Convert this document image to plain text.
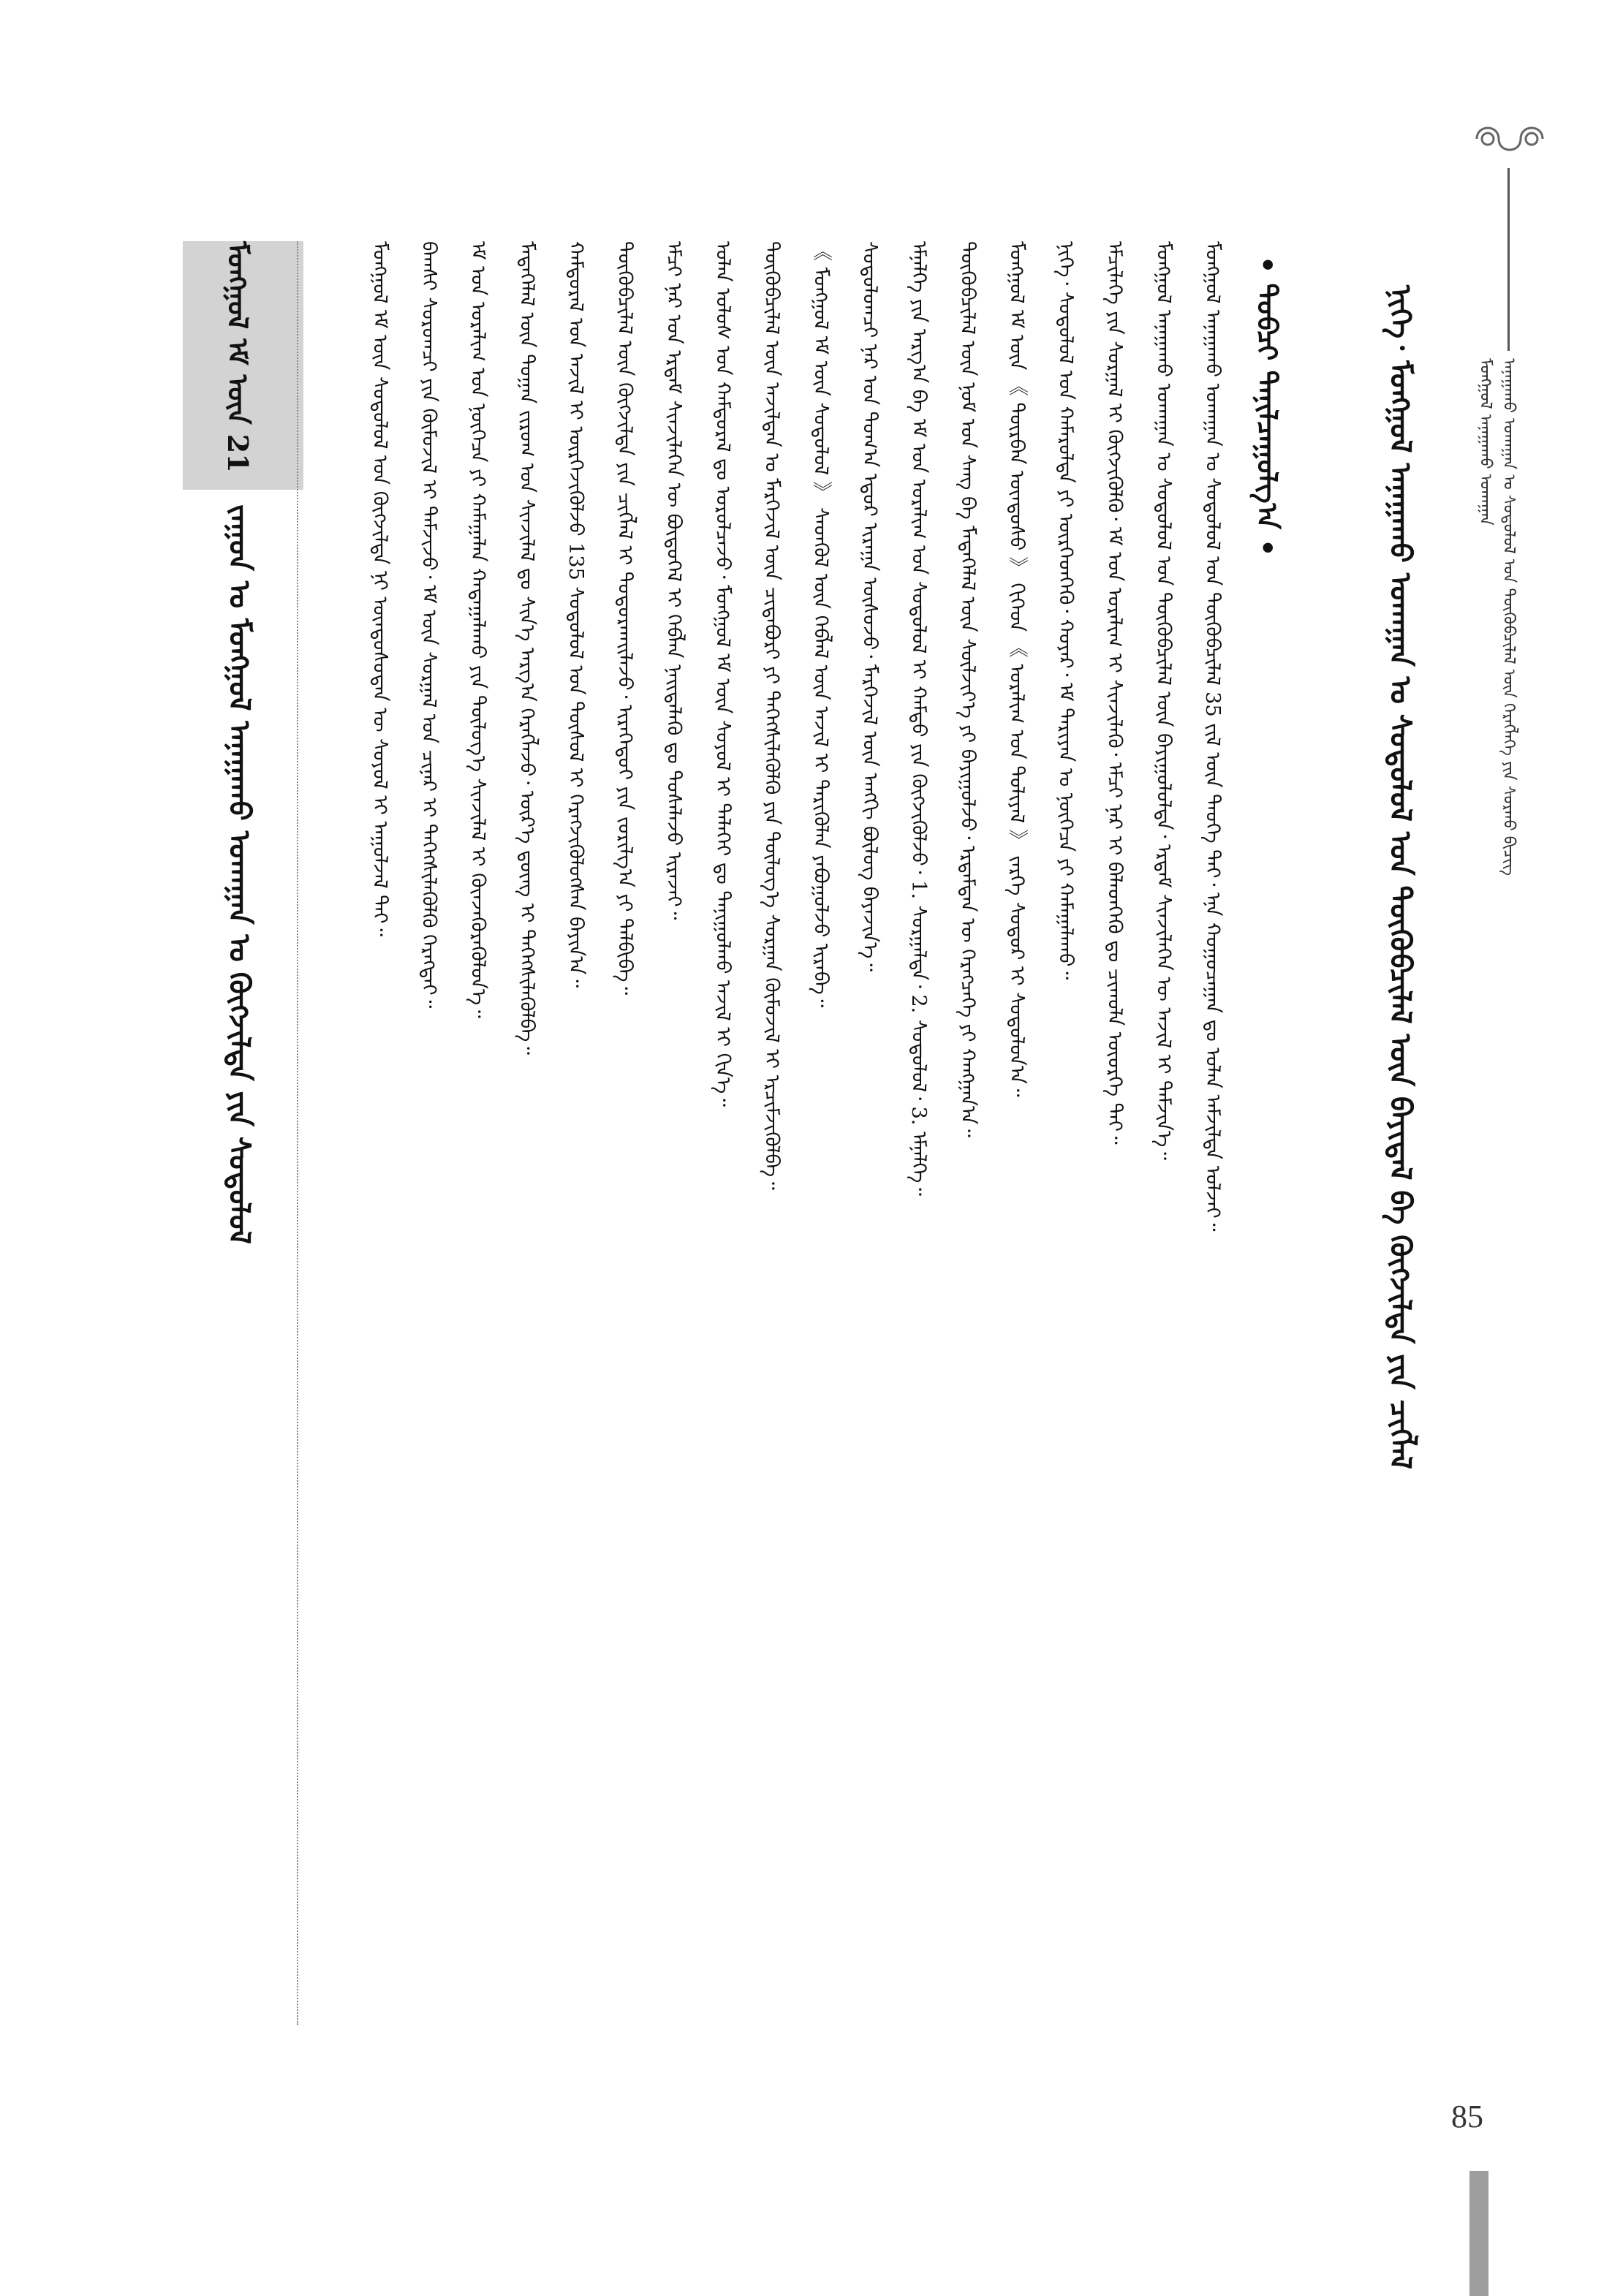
ᠠᠨᠠᠭᠠᠬᠤ ᠤᠬᠠᠭᠠᠨ ᠤ ᠰᠤᠳᠤᠯᠤᠯ ᠤᠨ ᠲᠦᠭᠦᠪᠴᠢᠯᠡᠯ ᠦᠨ ᠬᠡᠷᠡᠭᠯᠡᠭᠡ ᠶᠢᠨ ᠰᠤᠷᠬᠤ ᠪᠢᠴᠢᠭ
ᠮᠣᠩᠭᠣᠯ ᠠᠨᠠᠭᠠᠬᠤ ᠤᠬᠠᠭᠠᠨ
ᠨᠢᠭᠡ᠂ ᠮᠣᠩᠭᠣᠯ ᠠᠨᠠᠭᠠᠬᠤ ᠤᠬᠠᠭᠠᠨ ᠤ ᠰᠤᠳᠤᠯᠤᠯ ᠤᠨ ᠲᠦᠭᠦᠪᠴᠢᠯᠡᠯ ᠦᠨ ᠪᠠᠶᠢᠳᠠᠯ ᠪᠠ ᠬᠥᠭᠵᠢᠯᠲᠡ ᠶᠢᠨ ᠴᠢᠭᠯᠡᠯ
• ᠲᠣᠪᠴᠢ ᠲᠠᠨᠢᠯᠴᠠᠭᠤᠯᠭ᠎ᠠ •
ᠮᠣᠩᠭᠣᠯ ᠠᠨᠠᠭᠠᠬᠤ ᠤᠬᠠᠭᠠᠨ ᠤ ᠰᠤᠳᠤᠯᠤᠯ ᠤᠨ ᠲᠦᠭᠦᠪᠴᠢᠯᠡᠯ 35 ᠵᠢᠯ ᠦᠨ ᠲᠡᠦᠬᠡ ᠲᠠᠢ᠂ ᠡᠨᠡ ᠬᠤᠭᠤᠴᠠᠭᠠᠨ ᠳᠤ ᠤᠯᠠᠨ ᠠᠮᠵᠢᠯᠲᠠ ᠣᠯᠵᠠᠢ᠃
ᠮᠣᠩᠭᠣᠯ ᠠᠨᠠᠭᠠᠬᠤ ᠤᠬᠠᠭᠠᠨ ᠤ ᠰᠤᠳᠤᠯᠤᠯ ᠤᠨ ᠲᠦᠭᠦᠪᠴᠢᠯᠡᠯ ᠦᠨ ᠪᠠᠶᠢᠭᠤᠯᠤᠯᠲᠠ᠂ ᠡᠷᠳᠡᠮ ᠰᠢᠨᠵᠢᠯᠡᠭᠡᠨ ᠦ ᠠᠵᠢᠯ ᠢ ᠳᠡᠮᠵᠢᠨ᠎ᠡ᠃
ᠡᠮᠴᠢᠯᠡᠭᠡ ᠶᠢᠨ ᠰᠤᠷᠭᠠᠯ ᠢ ᠬᠥᠭᠵᠢᠭᠦᠯᠬᠦ᠂ ᠡᠮ ᠤᠨ ᠤᠷᠠᠯᠢᠭ ᠢ ᠰᠢᠨᠵᠢᠯᠡᠬᠦ᠂ ᠡᠮᠴᠢ ᠨᠠᠷ ᠢ ᠪᠡᠯᠡᠳᠬᠡᠬᠦ ᠳᠤ ᠴᠢᠬᠤᠯᠠ ᠦᠦᠷᠭᠡ ᠲᠠᠢ᠃
ᠨᠢᠭᠡ᠂ ᠰᠤᠳᠤᠯᠤᠯ ᠤᠨ ᠬᠠᠮᠠᠷᠤᠯᠲᠠ ᠶᠢ ᠥᠷᠭᠡᠳᠬᠡᠬᠦ᠂ ᠬᠤᠶᠠᠷ᠂ ᠡᠮ ᠲᠠᠷᠢᠶᠠᠨ ᠤ ᠨᠥᠭᠡᠴᠡ ᠶᠢ ᠬᠠᠮᠠᠭᠠᠯᠠᠬᠤ᠃
ᠮᠣᠩᠭᠣᠯ ᠡᠮ ᠦᠨ 《 ᠳᠥᠷᠪᠡᠨ ᠦᠨᠳᠦᠰᠦ 》 ᠬᠢᠭᠡᠳ 《 ᠤᠷᠠᠯᠢᠭ ᠤᠨ ᠳᠤᠯᠢᠶᠠᠯ 》 ᠵᠡᠷᠭᠡ ᠰᠤᠳᠤᠷ ᠢ ᠰᠤᠳᠤᠯᠤᠨ᠎ᠠ᠃
ᠲᠦᠭᠦᠪᠴᠢᠯᠡᠯ ᠦᠨ ᠨᠣᠮ ᠤᠨ ᠰᠠᠩ ᠪᠠ ᠮᠡᠳᠡᠭᠡᠯᠡᠯ ᠦᠨ ᠰᠦᠯᠵᠢᠶ᠎ᠡ ᠶᠢ ᠪᠠᠶᠢᠭᠤᠯᠵᠤ᠂ ᠡᠷᠳᠡᠮᠲᠡᠨ ᠦ ᠬᠡᠷᠡᠭᠴᠡᠭᠡ ᠶᠢ ᠬᠠᠩᠭᠠᠨ᠎ᠠ᠃
ᠡᠮᠨᠡᠯᠭᠡ ᠶᠢᠨ ᠠᠷᠭ᠎ᠠ ᠪᠠ ᠡᠮ ᠤᠨ ᠤᠷᠠᠯᠢᠭ ᠤᠨ ᠰᠤᠳᠤᠯᠤᠯ ᠢ ᠬᠠᠮᠲᠤ ᠶᠢᠨ ᠬᠥᠭᠵᠢᠭᠦᠯᠵᠦ᠂ 1. ᠰᠤᠷᠭᠠᠯᠲᠠ᠂ 2. ᠰᠤᠳᠤᠯᠤᠯ᠂ 3. ᠡᠮᠨᠡᠯᠭᠡ᠃
ᠰᠤᠳᠤᠯᠤᠭᠴᠢ ᠨᠠᠷ ᠤᠨ ᠲᠣᠭ᠎ᠠ ᠡᠳᠦᠷ ᠢᠷᠠᠭᠠ ᠥᠰᠦᠵᠦ᠂ ᠮᠡᠷᠭᠡᠵᠢᠯ ᠦᠨ ᠠᠩᠭᠢ ᠪᠦᠯᠦᠭ ᠪᠡᠶᠡᠵᠢᠨ᠎ᠡ᠃
《 ᠮᠣᠩᠭᠣᠯ ᠡᠮ ᠦᠨ ᠰᠤᠳᠤᠯᠤᠯ 》 ᠰᠡᠳᠬᠦᠯ ᠦᠨ ᠬᠡᠪᠯᠡᠯ ᠦᠨ ᠠᠵᠢᠯ ᠢ ᠲᠡᠷᠢᠭᠦᠯᠡᠨ ᠶᠠᠪᠤᠭᠤᠯᠵᠤ ᠢᠷᠡᠪᠡ᠃
ᠲᠦᠭᠦᠪᠴᠢᠯᠡᠯ ᠦᠨ ᠠᠵᠢᠯᠲᠠᠨ ᠤ ᠮᠡᠷᠭᠡᠵᠢᠯ ᠦᠨ ᠴᠢᠳᠠᠪᠤᠷᠢ ᠶᠢ ᠳᠡᠭᠡᠭᠰᠢᠯᠡᠭᠦᠯᠬᠦ ᠶᠢᠨ ᠲᠥᠯᠥᠭ᠎ᠡ ᠰᠤᠷᠭᠠᠨ ᠬᠦᠮᠦᠵᠢᠯ ᠢ ᠡᠷᠴᠢᠮᠵᠢᠭᠦᠯᠪᠡ᠃
ᠣᠯᠠᠨ ᠤᠯᠤᠰ ᠤᠨ ᠬᠠᠮᠲᠤᠷᠠᠯ ᠳᠤ ᠣᠷᠣᠯᠴᠠᠵᠤ᠂ ᠮᠣᠩᠭᠣᠯ ᠡᠮ ᠦᠨ ᠰᠣᠶᠣᠯ ᠢ ᠳᠡᠯᠡᠬᠡᠢ ᠳᠤ ᠲᠠᠨᠢᠭᠤᠯᠬᠤ ᠠᠵᠢᠯ ᠢ ᠬᠢᠨ᠎ᠡ᠃
ᠡᠮᠴᠢ ᠨᠠᠷ ᠤᠨ ᠡᠷᠳᠡᠮ ᠰᠢᠨᠵᠢᠯᠡᠭᠡᠨ ᠦ ᠪᠦᠲᠦᠭᠡᠯ ᠢ ᠬᠡᠪᠯᠡᠨ ᠨᠡᠢᠲᠡᠯᠡᠬᠦ ᠳᠤ ᠲᠤᠰᠠᠯᠠᠵᠤ ᠢᠷᠡᠵᠡᠢ᠃
ᠲᠦᠭᠦᠪᠴᠢᠯᠡᠯ ᠦᠨ ᠬᠥᠭᠵᠢᠯᠲᠡ ᠶᠢᠨ ᠴᠢᠭᠯᠡᠯ ᠢ ᠲᠣᠳᠣᠷᠬᠠᠢᠯᠠᠵᠤ᠂ ᠢᠷᠡᠭᠡᠳᠦᠢ ᠶᠢᠨ ᠵᠣᠷᠢᠯᠭ᠎ᠠ ᠶᠢ ᠲᠠᠯᠪᠢᠪᠠ᠃
ᠬᠠᠮᠲᠤᠷᠠᠯ ᠤᠨ ᠠᠵᠢᠯ ᠢ ᠥᠷᠭᠡᠵᠢᠭᠦᠯᠵᠦ 135 ᠰᠤᠳᠤᠯᠤᠯ ᠤᠨ ᠲᠥᠰᠥᠯ ᠢ ᠬᠡᠷᠡᠭᠵᠢᠭᠦᠯᠦᠭᠰᠡᠨ ᠪᠠᠶᠢᠨ᠎ᠠ᠃
ᠮᠡᠳᠡᠭᠡᠯᠡᠯ ᠦᠨ ᠲᠣᠭᠠᠨ ᠵᠢᠷᠤᠭ ᠤᠨ ᠰᠢᠨᠵᠢᠯᠡᠯ ᠳᠤ ᠰᠢᠨ᠎ᠡ ᠠᠷᠭ᠎ᠠ ᠬᠡᠷᠡᠭᠯᠡᠵᠦ᠂ ᠦᠷ᠎ᠡ ᠳ᠋ᠦᠩ ᠢ ᠳᠡᠭᠡᠭᠰᠢᠯᠡᠭᠦᠯᠪᠡ᠃
ᠡᠮ ᠤᠨ ᠤᠷᠠᠯᠢᠭ ᠤᠨ ᠨᠥᠭᠡᠴᠡ ᠶᠢ ᠬᠠᠮᠠᠭᠠᠯᠠᠨ ᠬᠠᠳᠠᠭᠠᠯᠠᠬᠤ ᠶᠢᠨ ᠲᠥᠯᠥᠭ᠎ᠡ ᠰᠢᠨᠵᠢᠯᠡᠯ ᠢ ᠭᠦᠨᠵᠡᠭᠦᠷᠡᠭᠦᠯᠦᠨ᠎ᠡ᠃
ᠪᠠᠭᠰᠢ ᠰᠤᠷᠤᠭᠴᠢ ᠶᠢᠨ ᠬᠦᠮᠦᠵᠢᠯ ᠢ ᠳᠡᠮᠵᠢᠵᠦ᠂ ᠡᠮ ᠦᠨ ᠰᠤᠷᠭᠠᠯ ᠤᠨ ᠴᠢᠨᠠᠷ ᠢ ᠳᠡᠭᠡᠭᠰᠢᠯᠡᠭᠦᠯᠬᠦ ᠬᠡᠷᠡᠭᠲᠡᠢ᠃
ᠮᠣᠩᠭᠣᠯ ᠡᠮ ᠦᠨ ᠰᠤᠳᠤᠯᠤᠯ ᠤᠨ ᠬᠥᠭᠵᠢᠯᠲᠡ ᠨᠢ ᠦᠨᠳᠦᠰᠦᠲᠡᠨ ᠦ ᠰᠣᠶᠣᠯ ᠢ ᠠᠭᠤᠯᠵᠠᠯ ᠲᠠᠢ᠃
ᠮᠣᠩᠭᠣᠯ ᠡᠮ ᠦᠨ 21
ᠵᠠᠭᠤᠨ ᠤ ᠮᠣᠩᠭᠣᠯ ᠠᠨᠠᠭᠠᠬᠤ ᠤᠬᠠᠭᠠᠨ ᠤ ᠬᠥᠭᠵᠢᠯᠲᠡ ᠶᠢᠨ ᠰᠤᠳᠤᠯᠤᠯ
85
